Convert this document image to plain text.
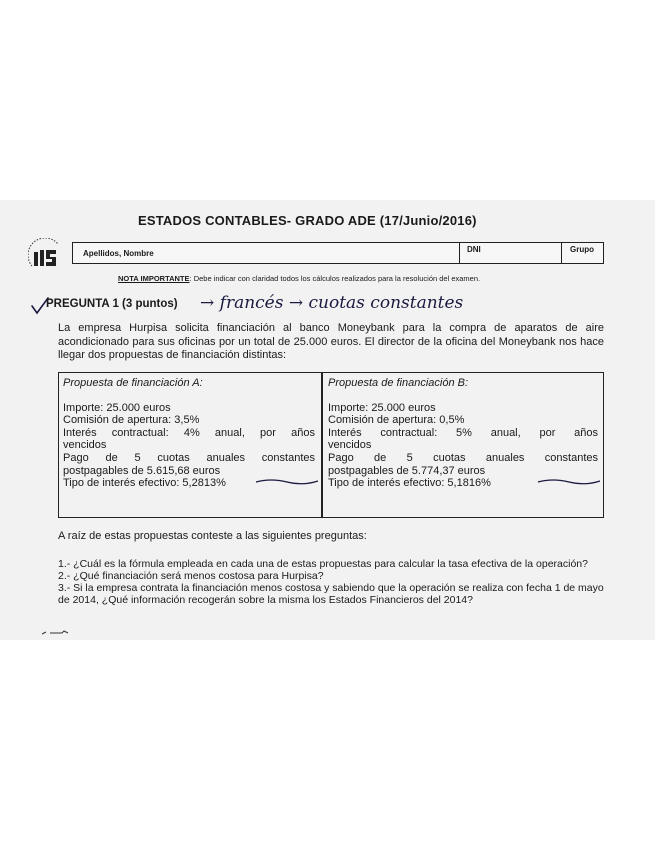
ESTADOS CONTABLES- GRADO ADE (17/Junio/2016)
Apellidos, Nombre	DNI	Grupo
NOTA IMPORTANTE: Debe indicar con claridad todos los cálculos realizados para la resolución del examen.
PREGUNTA 1 (3 puntos) → francés → cuotas constantes
La empresa Hurpisa solicita financiación al banco Moneybank para la compra de aparatos de aire acondicionado para sus oficinas por un total de 25.000 euros. El director de la oficina del Moneybank nos hace llegar dos propuestas de financiación distintas:
Propuesta de financiación A:
Importe: 25.000 euros
Comisión de apertura: 3,5%
Interés contractual: 4% anual, por años
vencidos
Pago de 5 cuotas anuales constantes
postpagables de 5.615,68 euros
Tipo de interés efectivo: 5,2813%
Propuesta de financiación B:
Importe: 25.000 euros
Comisión de apertura: 0,5%
Interés contractual: 5% anual, por años
vencidos
Pago de 5 cuotas anuales constantes
postpagables de 5.774,37 euros
Tipo de interés efectivo: 5,1816%
A raíz de estas propuestas conteste a las siguientes preguntas:
1.- ¿Cuál es la fórmula empleada en cada una de estas propuestas para calcular la tasa efectiva de la operación?
2.- ¿Qué financiación será menos costosa para Hurpisa?
3.- Si la empresa contrata la financiación menos costosa y sabiendo que la operación se realiza con fecha 1 de mayo de 2014, ¿Qué información recogerán sobre la misma los Estados Financieros del 2014?
